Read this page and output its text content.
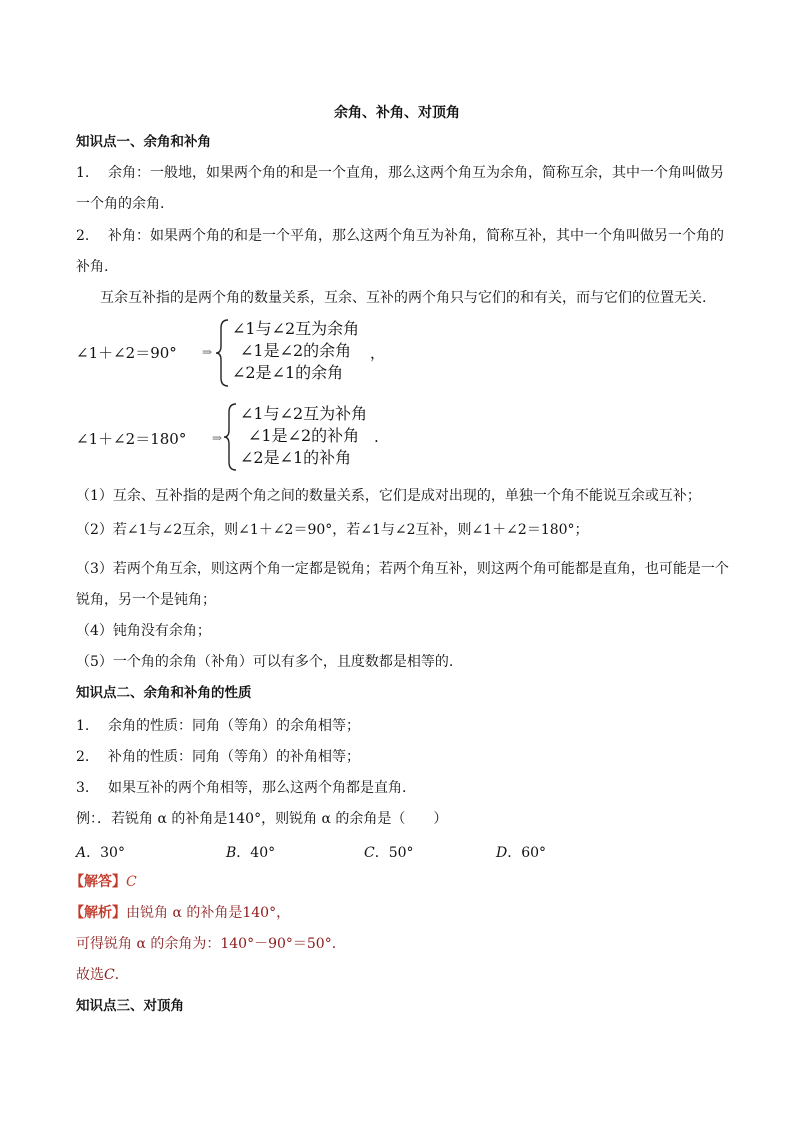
余角、补角、对顶角
知识点一、余角和补角
1. 余角：一般地，如果两个角的和是一个直角，那么这两个角互为余角，简称互余，其中一个角叫做另
一个角的余角.
2. 补角：如果两个角的和是一个平角，那么这两个角互为补角，简称互补，其中一个角叫做另一个角的
补角.
互余互补指的是两个角的数量关系，互余、互补的两个角只与它们的和有关，而与它们的位置无关.
∠1＋∠2＝90° ⇒
∠1与∠2互为余角
∠1是∠2的余角
∠2是∠1的余角
，
∠1＋∠2＝180° ⇒
∠1与∠2互为补角
∠1是∠2的补角
∠2是∠1的补角
.
（1）互余、互补指的是两个角之间的数量关系，它们是成对出现的，单独一个角不能说互余或互补；
（2）若∠1与∠2互余，则∠1＋∠2＝90°，若∠1与∠2互补，则∠1＋∠2＝180°；
（3）若两个角互余，则这两个角一定都是锐角；若两个角互补，则这两个角可能都是直角，也可能是一个
锐角，另一个是钝角；
（4）钝角没有余角；
（5）一个角的余角（补角）可以有多个，且度数都是相等的.
知识点二、余角和补角的性质
1. 余角的性质：同角（等角）的余角相等；
2. 补角的性质：同角（等角）的补角相等；
3. 如果互补的两个角相等，那么这两个角都是直角.
例：．若锐角 α 的补角是140°，则锐角 α 的余角是（　　）
A．30°	B．40°	C．50°	D．60°
【解答】C
【解析】由锐角 α 的补角是140°，
可得锐角 α 的余角为：140°－90°＝50°．
故选C．
知识点三、对顶角
